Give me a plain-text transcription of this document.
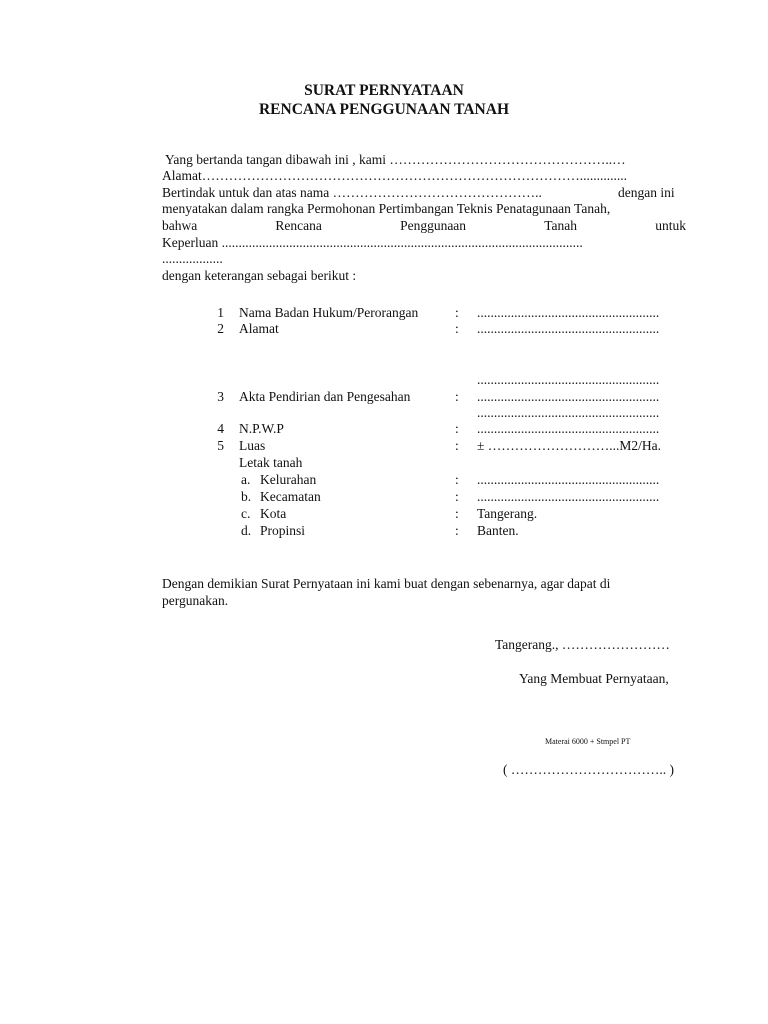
SURAT PERNYATAAN
RENCANA PENGGUNAAN TANAH
Yang bertanda tangan dibawah ini , kami …………………………………………..…
Alamat…………………………………………………………………………..............
Bertindak untuk dan atas nama ………………………………………..	dengan ini
menyatakan dalam rangka Permohonan Pertimbangan Teknis Penatagunaan Tanah,
bahwa	Rencana	Penggunaan	Tanah	untuk
Keperluan ...........................................................................................................
..................
dengan keterangan sebagai berikut :
1 Nama Badan Hukum/Perorangan	: ......................................................
2 Alamat	: ......................................................
......................................................
3 Akta Pendirian dan Pengesahan	: ......................................................
......................................................
4 N.P.W.P	: ......................................................
5 Luas	: ± ………………………...M2/Ha.
Letak tanah
a. Kelurahan	: ......................................................
b. Kecamatan	: ......................................................
c. Kota	: Tangerang.
d. Propinsi	: Banten.
Dengan demikian Surat Pernyataan ini kami buat dengan sebenarnya, agar dapat di
pergunakan.
Tangerang., ……………………
Yang Membuat Pernyataan,
Materai 6000 + Stmpel PT
( …………………………….. )
